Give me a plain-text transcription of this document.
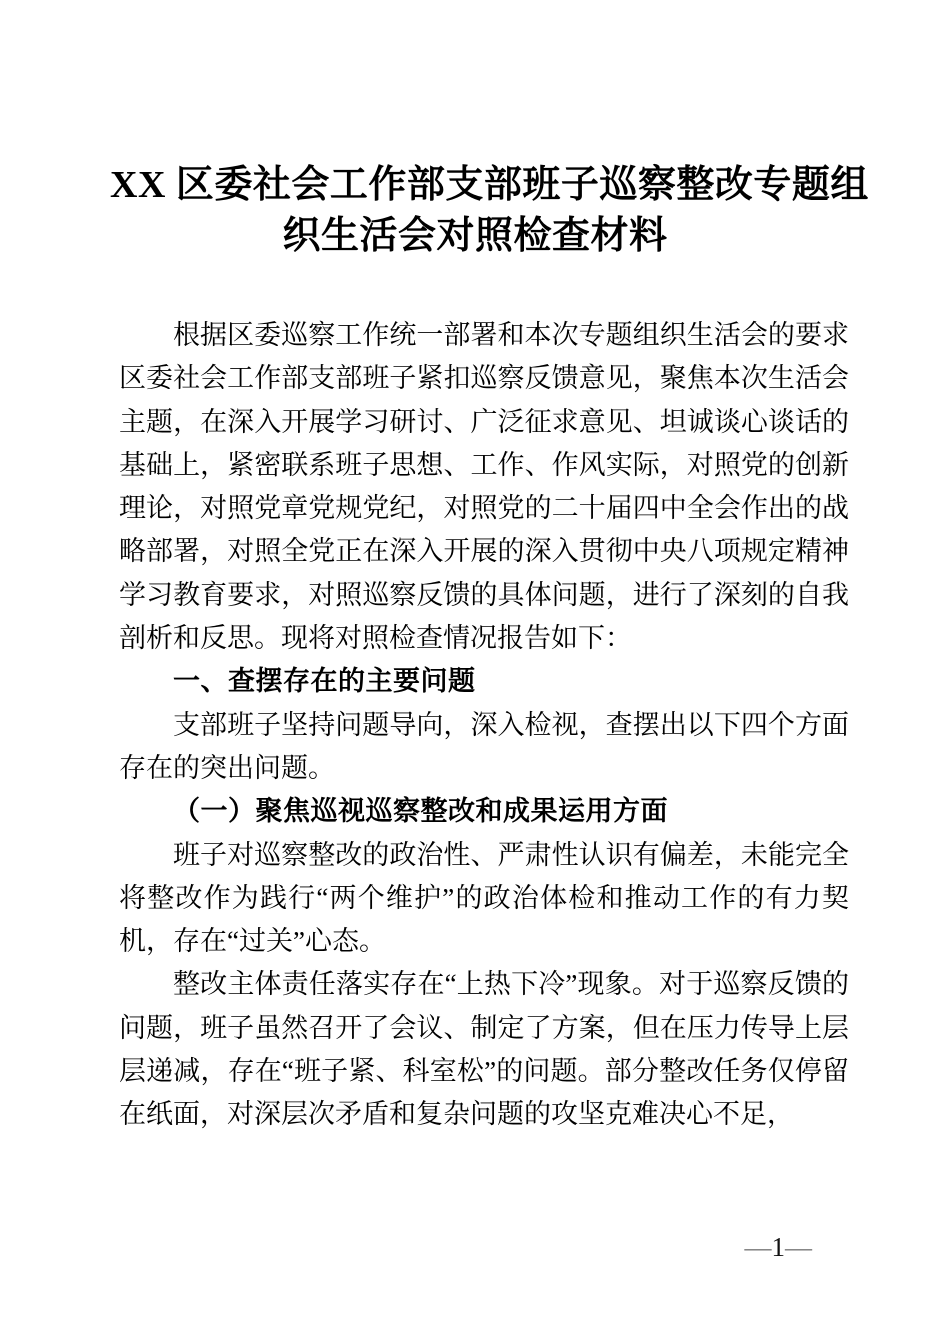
XX 区委社会工作部支部班子巡察整改专题组
织生活会对照检查材料

根据区委巡察工作统一部署和本次专题组织生活会的要求区委社会工作部支部班子紧扣巡察反馈意见，聚焦本次生活会主题，在深入开展学习研讨、广泛征求意见、坦诚谈心谈话的基础上，紧密联系班子思想、工作、作风实际，对照党的创新理论，对照党章党规党纪，对照党的二十届四中全会作出的战略部署，对照全党正在深入开展的深入贯彻中央八项规定精神学习教育要求，对照巡察反馈的具体问题，进行了深刻的自我剖析和反思。现将对照检查情况报告如下：

一、查摆存在的主要问题

支部班子坚持问题导向，深入检视，查摆出以下四个方面存在的突出问题。

（一）聚焦巡视巡察整改和成果运用方面

班子对巡察整改的政治性、严肃性认识有偏差，未能完全将整改作为践行“两个维护”的政治体检和推动工作的有力契机，存在“过关”心态。

整改主体责任落实存在“上热下冷”现象。对于巡察反馈的问题，班子虽然召开了会议、制定了方案，但在压力传导上层层递减，存在“班子紧、科室松”的问题。部分整改任务仅停留在纸面，对深层次矛盾和复杂问题的攻坚克难决心不足，

—1—
